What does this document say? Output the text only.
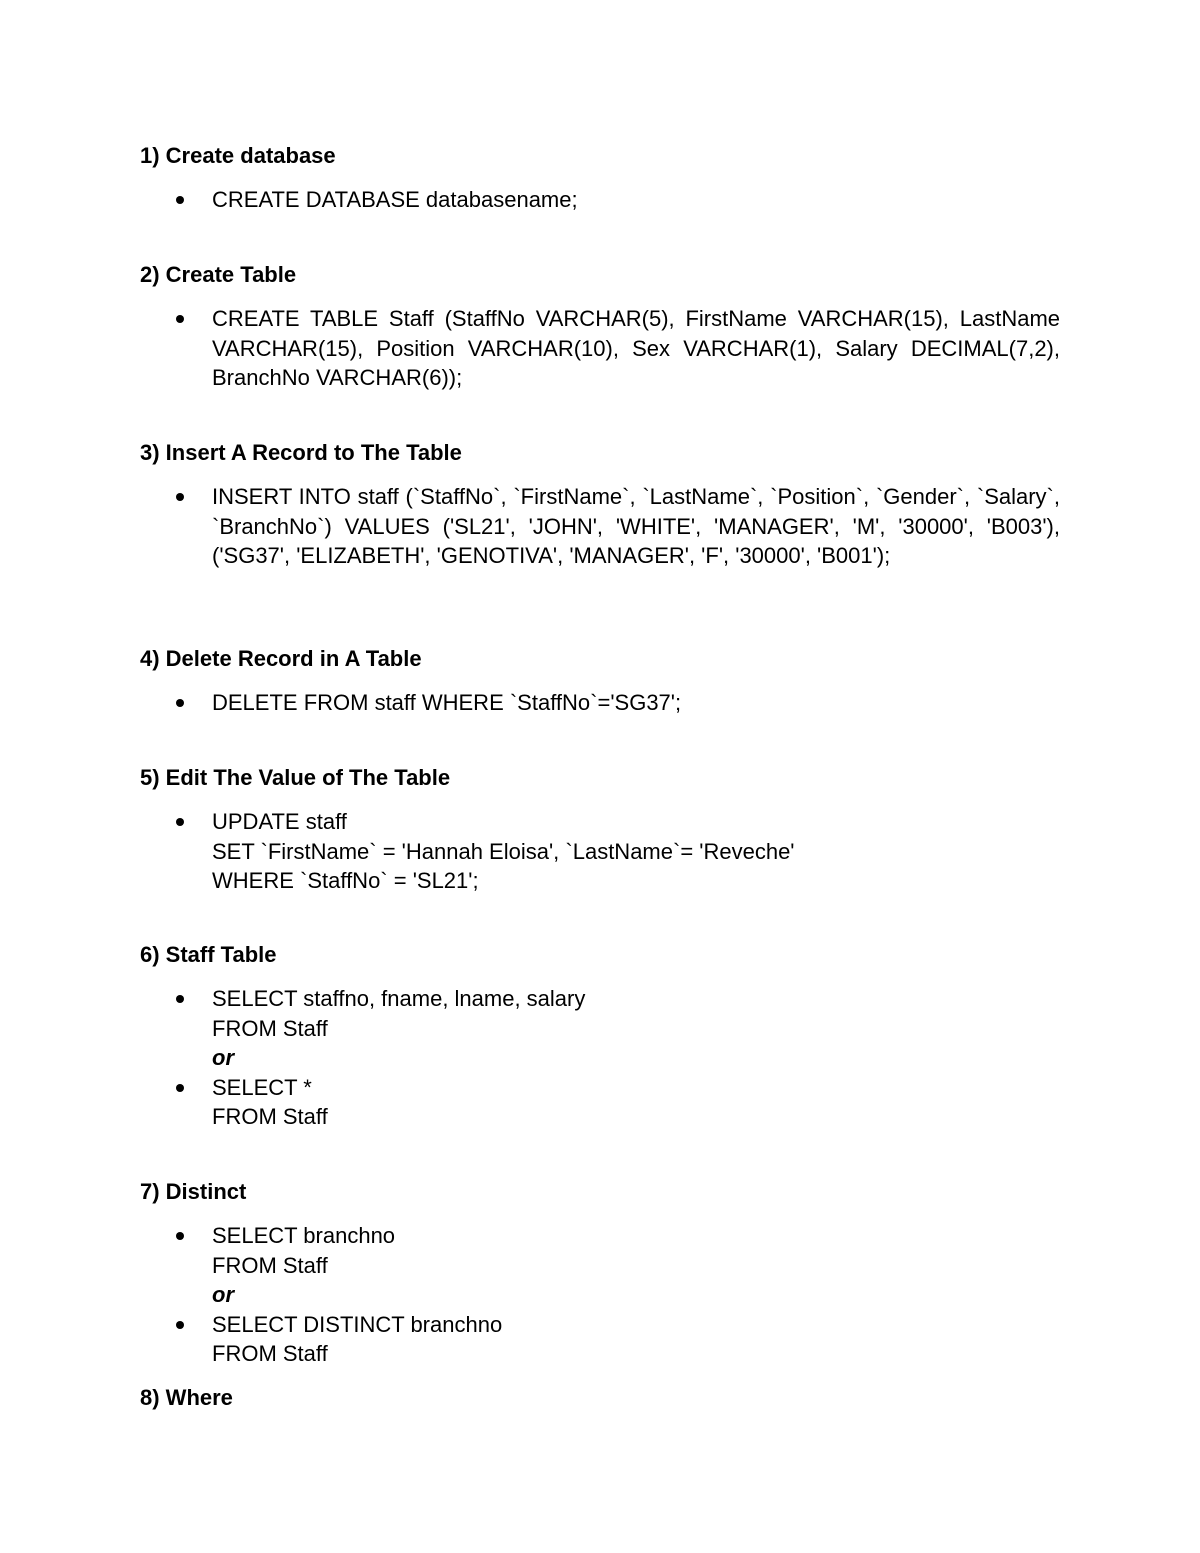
1) Create database
CREATE DATABASE databasename;
2) Create Table
CREATE TABLE Staff (StaffNo VARCHAR(5), FirstName VARCHAR(15), LastName VARCHAR(15), Position VARCHAR(10), Sex VARCHAR(1), Salary DECIMAL(7,2), BranchNo VARCHAR(6));
3) Insert A Record to The Table
INSERT INTO staff (`StaffNo`, `FirstName`, `LastName`, `Position`, `Gender`, `Salary`, `BranchNo`) VALUES ('SL21', 'JOHN', 'WHITE', 'MANAGER', 'M', '30000', 'B003'), ('SG37', 'ELIZABETH', 'GENOTIVA', 'MANAGER', 'F', '30000', 'B001');
4) Delete Record in A Table
DELETE FROM staff WHERE `StaffNo`='SG37';
5) Edit The Value of The Table
UPDATE staff
SET `FirstName` = 'Hannah Eloisa', `LastName`= 'Reveche'
WHERE `StaffNo` = 'SL21';
6) Staff Table
SELECT staffno, fname, lname, salary
FROM Staff
or
SELECT *
FROM Staff
7) Distinct
SELECT branchno
FROM Staff
or
SELECT DISTINCT branchno
FROM Staff
8) Where
